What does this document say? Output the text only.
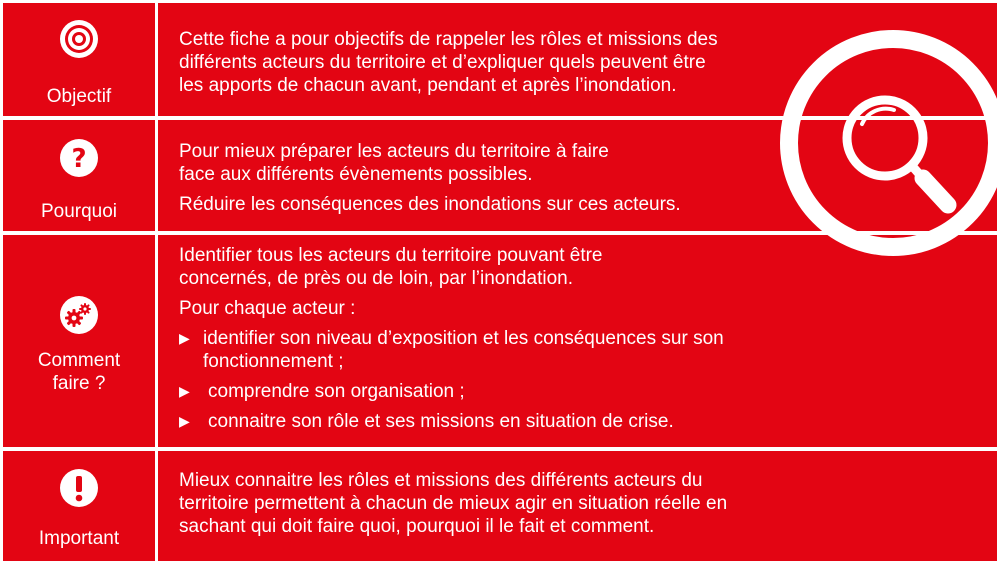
Objectif

Cette fiche a pour objectifs de rappeler les rôles et missions des

différents acteurs du territoire et d’expliquer quels peuvent être

les apports de chacun avant, pendant et après l’inondation.

?
Pourquoi

Pour mieux préparer les acteurs du territoire à faire

face aux différents évènements possibles.

Réduire les conséquences des inondations sur ces acteurs.

Comment
faire ?

Identifier tous les acteurs du territoire pouvant être

concernés, de près ou de loin, par l’inondation.

Pour chaque acteur :

▶ identifier son niveau d’exposition et les conséquences sur son
fonctionnement ;
▶ comprendre son organisation ;
▶ connaitre son rôle et ses missions en situation de crise.
Important

Mieux connaitre les rôles et missions des différents acteurs du

territoire permettent à chacun de mieux agir en situation réelle en

sachant qui doit faire quoi, pourquoi il le fait et comment.
